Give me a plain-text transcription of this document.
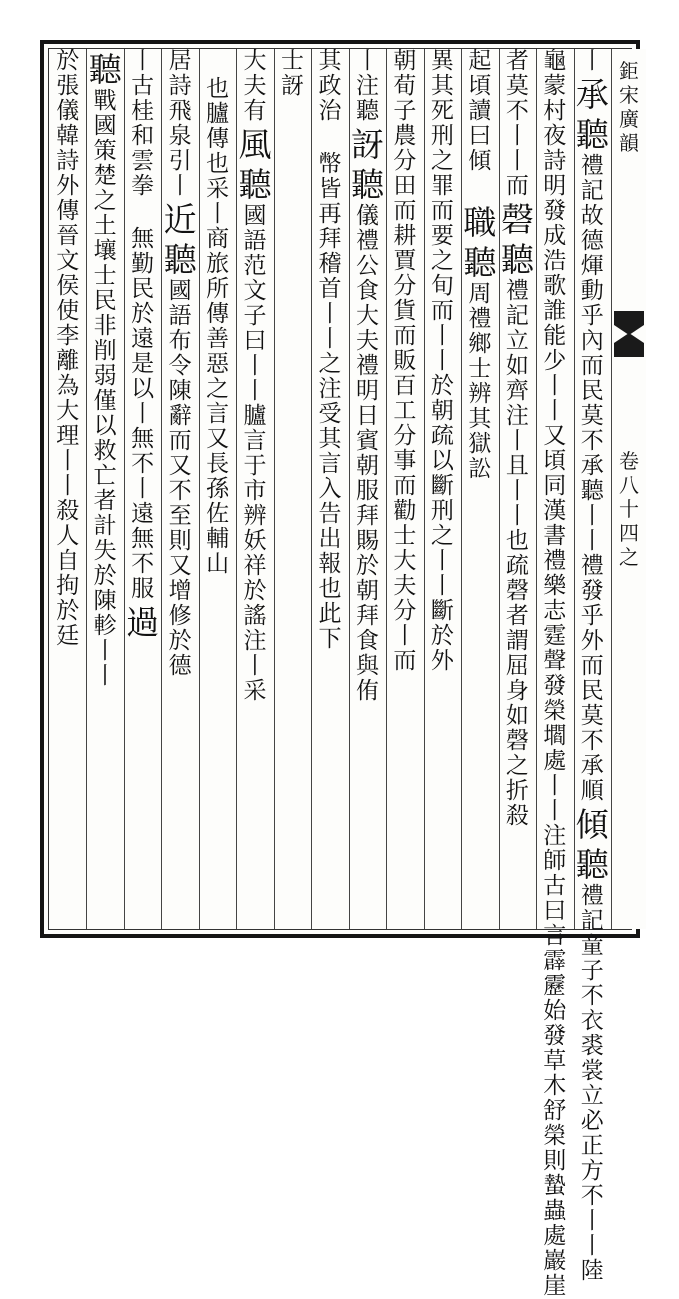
鉅
宋
廣
韻
卷
八
十
四
之
丨
承
聽
禮
記
故
德
煇
動
乎
內
而
民
莫
不
承
聽
丨
丨
禮
發
乎
外
而
民
莫
不
承
順
傾
聽
禮
記
童
子
不
衣
裘
裳
立
必
正
方
不
丨
丨
陸
龜
蒙
村
夜
詩
明
發
成
浩
歌
誰
能
少
丨
丨
又
頃
同
漢
書
禮
樂
志
霆
聲
發
榮
壛
處
丨
丨
注
師
古
曰
言
霹
靂
始
發
草
木
舒
榮
則
蟄
蟲
處
巖
崖
者
莫
不
丨
丨
而
磬
聽
禮
記
立
如
齊
注
丨
且
丨
丨
也
疏
磬
者
謂
屈
身
如
磬
之
折
殺
起
頃
讀
曰
傾
職
聽
周
禮
鄉
士
辨
其
獄
訟
異
其
死
刑
之
罪
而
要
之
旬
而
丨
丨
於
朝
疏
以
斷
刑
之
丨
丨
斷
於
外
朝
荀
子
農
分
田
而
耕
賈
分
貨
而
販
百
工
分
事
而
勸
士
大
夫
分
丨
而
丨
注
聽
訝
聽
儀
禮
公
食
大
夫
禮
明
日
賓
朝
服
拜
賜
於
朝
拜
食
與
侑
其
政
治
幣
皆
再
拜
稽
首
丨
丨
之
注
受
其
言
入
告
出
報
也
此
下
士
訝
大
夫
有
風
聽
國
語
范
文
子
曰
丨
丨
臚
言
于
市
辨
妖
祥
於
謠
注
丨
采
也
臚
傳
也
采
丨
商
旅
所
傳
善
惡
之
言
又
長
孫
佐
輔
山
居
詩
飛
泉
引
丨
近
聽
國
語
布
令
陳
辭
而
又
不
至
則
又
增
修
於
德
丨
古
桂
和
雲
拳
無
勤
民
於
遠
是
以
丨
無
不
丨
遠
無
不
服
過
聽
戰
國
策
楚
之
土
壤
士
民
非
削
弱
僅
以
救
亡
者
計
失
於
陳
軫
丨
丨
於
張
儀
韓
詩
外
傳
晉
文
侯
使
李
離
為
大
理
丨
丨
殺
人
自
拘
於
廷
